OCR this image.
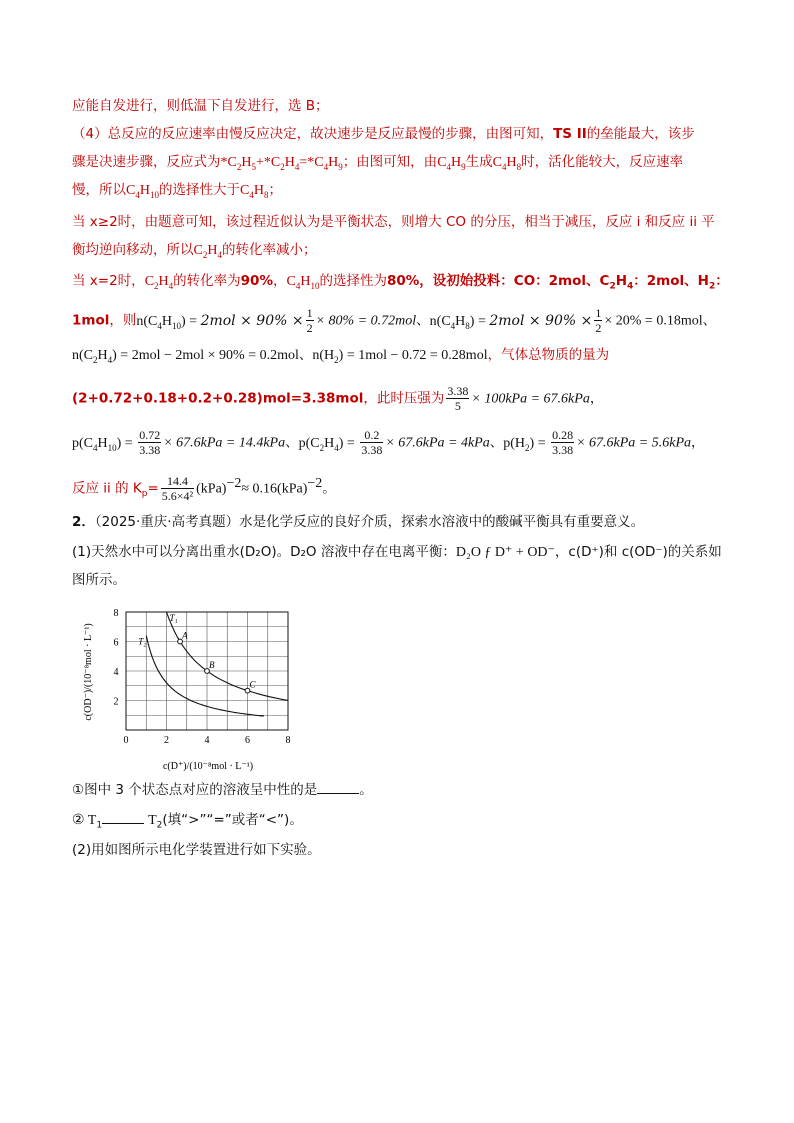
应能自发进行，则低温下自发进行，选 B；
（4）总反应的反应速率由慢反应决定，故决速步是反应最慢的步骤，由图可知，TS II的垒能最大，该步
骤是决速步骤，反应式为$*C_2H_5+*C_2H_4=*C_4H_9$；由图可知，由$C_4H_9$生成$C_4H_8$时，活化能较大，反应速率
慢，所以$C_4H_{10}$的选择性大于$C_4H_8$；
当 x≥2时，由题意可知，该过程近似认为是平衡状态，则增大 CO 的分压，相当于减压，反应 i 和反应 ii 平
衡均逆向移动，所以$C_2H_4$的转化率减小；
当 x=2时，$C_2H_4$的转化率为90%，$C_4H_{10}$的选择性为80%，设初始投料：CO：2mol、$C_2H_4$：2mol、$H_2$：
1mol，则$n(C_4H_{10}) = 2mol \times 90\% \times \frac{1}{2} \times 80\% = 0.72mol$、$n(C_4H_8) = 2mol \times 90\% \times \frac{1}{2} \times 20\% = 0.18mol$、
$n(C_2H_4) = 2mol - 2mol \times 90\% = 0.2mol$、$n(H_2) = 1mol - 0.72 = 0.28mol$，气体总物质的量为
(2+0.72+0.18+0.2+0.28)mol=3.38mol，此时压强为 $\frac{3.38}{5} \times 100kPa = 67.6kPa$，
$p(C_4H_{10}) = \frac{0.72}{3.38} \times 67.6kPa = 14.4kPa$、$p(C_2H_4) = \frac{0.2}{3.38} \times 67.6kPa = 4kPa$、$p(H_2) = \frac{0.28}{3.38} \times 67.6kPa = 5.6kPa$，
反应 ii 的 $K_p= \frac{14.4}{\text{5.6×4²}} (kPa)^{-2}\approx 0.16(kPa)^{-2}$。
2．（2025·重庆·高考真题）水是化学反应的良好介质，探索水溶液中的酸碱平衡具有重要意义。
(1)天然水中可以分离出重水(D₂O)。D₂O 溶液中存在电离平衡：D₂O ƒ D⁺ + OD⁻，c(D⁺)和 c(OD⁻)的关系如
图所示。
0	2	4	6	8
2
4
6
8	T₁
T₂
A
B
C
c(D⁺)/(10⁻⁸mol · L⁻¹)
c(OD⁻)/(10⁻⁸mol · L⁻¹)
①图中 3 个状态点对应的溶液呈中性的是	。
② $T_1$	$T_2$(填“>”“=”或者“<”)。
(2)用如图所示电化学装置进行如下实验。
